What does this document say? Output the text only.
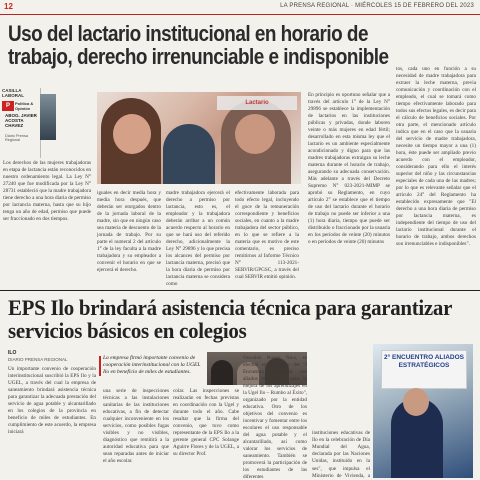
12	LA PRENSA REGIONAL · MIÉRCOLES 15 DE FEBRERO DEL 2023
Uso del lactario institucional en horario de trabajo, derecho irrenunciable e indisponible
CASILLA LABORAL
P	Política & Opinión
ABOG. JAVIER ACOSTA CHAVEZ
Diario Prensa Regional
Los derechos de las mujeres trabajadoras en etapa de lactancia están reconocidos en nuestro ordenamiento legal. La Ley N° 27240 que fue modificada por la Ley N° 28731 estableció que la madre trabajadora tiene derecho a una hora diaria de permiso por lactancia materna, hasta que su hijo tenga un año de edad, permiso que puede ser fraccionado en dos tiempos.
Lactario
iguales en decir media hora y media hora después, que deberán ser otorgados dentro de la jornada laboral de la madre, sin que en ningún caso sea materia de descuento de la jornada de trabajo. Por su parte el numeral 2 del artículo 1° de la ley faculta a la madre trabajadora y su empleador a convenir el horario en que se ejercerá el derecho.
madre trabajadora ejercerá el derecho a permiso por lactancia, esto es, el empleador y la trabajadora deberán arribar a un común acuerdo respecto al horario en que se hará uso del referido derecho, adicionalmente la Ley N° 29896 y lo que precisa los alcances del permiso por lactancia materna, precisó que la hora diaria de permiso por lactancia materna se considera como
efectivamente laborada para todo efecto legal, incluyendo el goce de la remuneración correspondiente y beneficios sociales, en cuanto a la madre trabajadora del sector público, en lo que se refiere a la materia que es motivo de este comentario, es preciso remitirnos al Informe Técnico N° 113-2021-SERVIR/GPGSC, a través del cual SERVIR emitió opinión.
En principio es oportuno señalar que a través del artículo 1° de la Ley N° 29896 se establece la implementación de lactarios en las instituciones públicas y privadas, donde laboren veinte o más mujeres en edad fértil; desarrollado en esta misma ley que el lactario es un ambiente especialmente acondicionado y digno para que las madres trabajadoras extraigan su leche materna durante el horario de trabajo, asegurando su adecuada conservación. Más adelante a través del Decreto Supremo N° 023-2021-MIMP se aprobó su Reglamento, en cuyo artículo 2° se establece que el tiempo de uso del lactario durante el horario de trabajo no puede ser inferior a una (1) hora diaria, tiempo que puede ser distribuido o fraccionado por la usuaria en los períodos de veinte (20) minutos o en períodos de veinte (20) minutos
tos, cada uno en función a su necesidad de madre trabajadora para extraer la leche materna, previa comunicación y coordinación con el empleado, el cual se tomará como tiempo efectivamente laborado para todos sus efectos legales, es decir para el cálculo de beneficios sociales. Por otra parte, el mencionado artículo indica que en el caso que la usuaria del servicio de madre trabajadora, necesite un tiempo mayor a una (1) hora, éste puede ser ampliado previo acuerdo con el empleador, considerando para ello el interés superior del niño y las circunstancias especiales de cada una de las madres; por lo que es relevante señalar que el artículo 24° del Reglamento ha establecido expresamente que "El derecho a una hora diaria de permiso por lactancia materna, es independiente del tiempo de uso del lactario institucional durante el horario de trabajo, ambos derechos son irrenunciables e indisponibles".
EPS Ilo brindará asistencia técnica para garantizar servicios básicos en colegios
ILO
DIARIO PRENSA REGIONAL
Un importante convenio de cooperación interinstitucional suscribió la EPS Ilo y la UGEL, a través del cual la empresa de saneamiento brindará asistencia técnica para garantizar la adecuada prestación del servicio de agua potable y alcantarillado en los colegios de la provincia en beneficio de miles de estudiantes. En cumplimiento de este acuerdo, la empresa iniciará
La empresa firmó importante convenio de cooperación interinstitucional con la UGEL Ilo en beneficio de miles de estudiantes.
una serie de inspecciones técnicas a las instalaciones sanitarias de las instituciones educativas, a fin de detectar cualquier inconveniente en los servicios, como posibles fugas visibles y no visibles, diagnóstico que remitirá a la autoridad educativa para que sean reparadas antes de iniciar el año escolar.
colar. Las inspecciones se realizarán en fechas previstas en coordinación con la Ugel y durante todo el año. Cabe resaltar que la firma del convenio, que tuvo como representante de la EPS Ilo a la gerente general CPC Solange Aguirre Flores y de la UGEL, a su director Prof.
Oswaldo Roque Nina, se efectuó en el marco del "I Encuentro Provincial con aliados estratégicos para la mejora de los aprendizajes en la Ugel Ilo – Rumbo al Éxito", organizado por la entidad educativa. Otro de los objetivos del convenio es incentivar y fomentar entre los escolares el uso responsable del agua potable y el alcantarillado, así como valorar los servicios de saneamiento. También se promoverá la participación de los estudiantes de las diferentes
instituciones educativas de Ilo en la celebración de Día Mundial del Agua, declarada por las Naciones Unidas, instituido en la
2° ENCUENTRO ALIADOS ESTRATÉGICOS
ses", que impulsa el Ministerio de Vivienda, a
